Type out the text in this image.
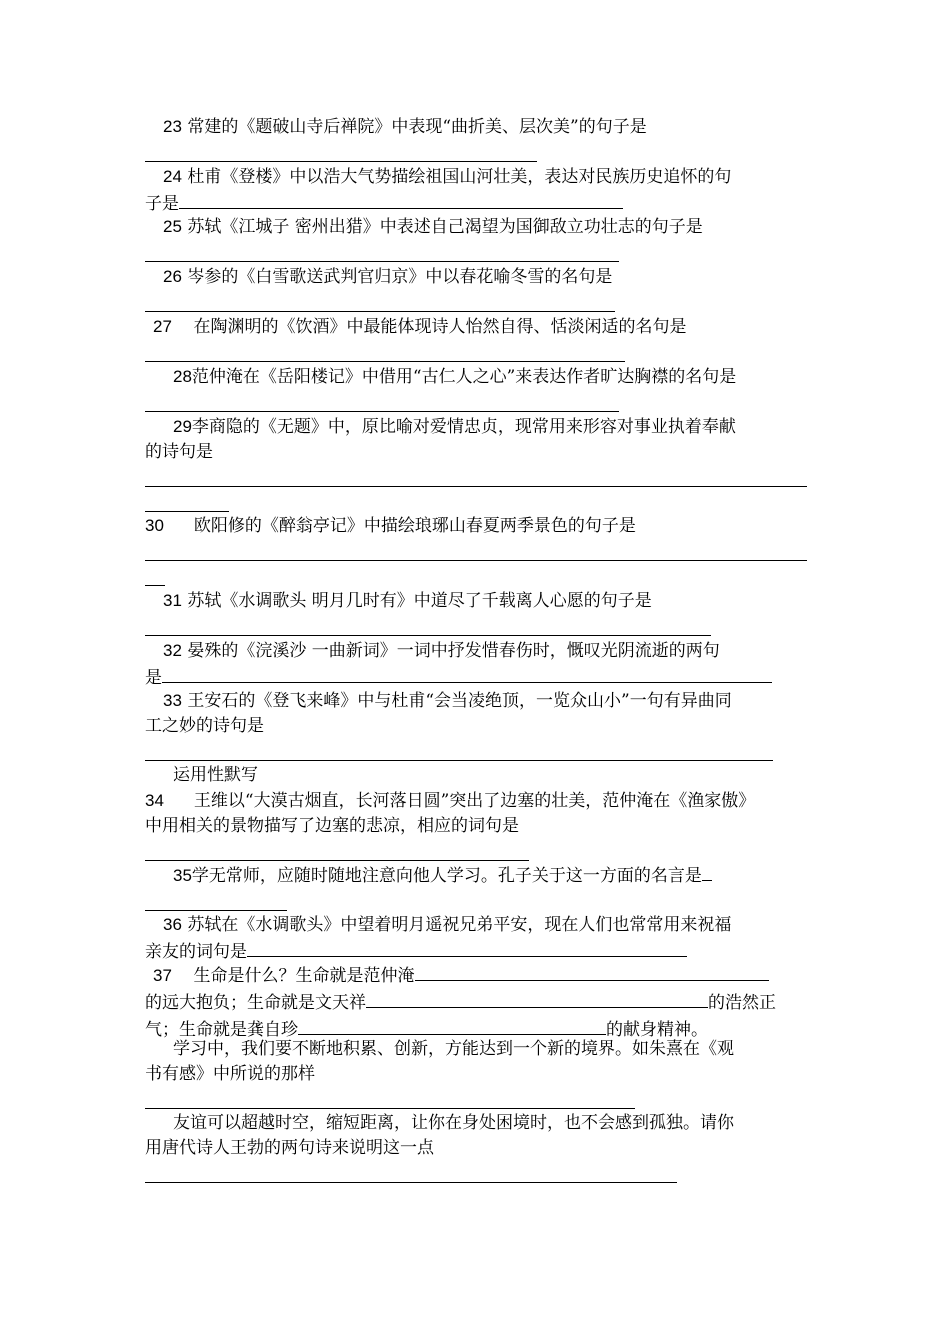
23 常建的《题破山寺后禅院》中表现“曲折美、层次美”的句子是

24 杜甫《登楼》中以浩大气势描绘祖国山河壮美，表达对民族历史追怀的句

子是

25 苏轼《江城子 密州出猎》中表述自己渴望为国御敌立功壮志的句子是

26 岑参的《白雪歌送武判官归京》中以春花喻冬雪的名句是

27 在陶渊明的《饮酒》中最能体现诗人怡然自得、恬淡闲适的名句是

28范仲淹在《岳阳楼记》中借用“古仁人之心”来表达作者旷达胸襟的名句是

29李商隐的《无题》中，原比喻对爱情忠贞，现常用来形容对事业执着奉献

的诗句是

30 欧阳修的《醉翁亭记》中描绘琅琊山春夏两季景色的句子是

31 苏轼《水调歌头 明月几时有》中道尽了千载离人心愿的句子是

32 晏殊的《浣溪沙 一曲新词》一词中抒发惜春伤时，慨叹光阴流逝的两句

是

33 王安石的《登飞来峰》中与杜甫“会当凌绝顶，一览众山小”一句有异曲同

工之妙的诗句是

运用性默写

34 王维以“大漠古烟直，长河落日圆”突出了边塞的壮美，范仲淹在《渔家傲》

中用相关的景物描写了边塞的悲凉，相应的词句是

35学无常师，应随时随地注意向他人学习。孔子关于这一方面的名言是

36 苏轼在《水调歌头》中望着明月遥祝兄弟平安，现在人们也常常用来祝福

亲友的词句是

37 生命是什么？生命就是范仲淹

的远大抱负；生命就是文天祥	的浩然正

气；生命就是龚自珍	的献身精神。

学习中，我们要不断地积累、创新，方能达到一个新的境界。如朱熹在《观

书有感》中所说的那样

友谊可以超越时空，缩短距离，让你在身处困境时，也不会感到孤独。请你

用唐代诗人王勃的两句诗来说明这一点
